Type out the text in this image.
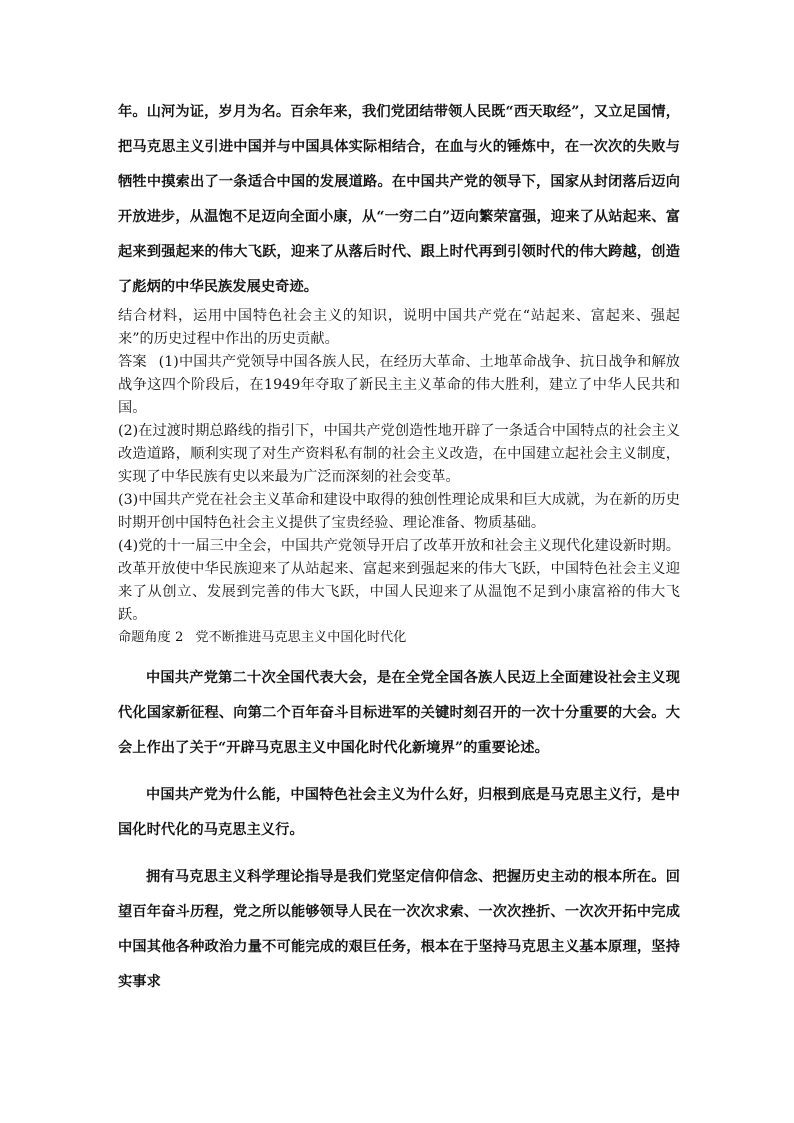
年。山河为证，岁月为名。百余年来，我们党团结带领人民既“西天取经”，又立足国情，把马克思主义引进中国并与中国具体实际相结合，在血与火的锤炼中，在一次次的失败与牺牲中摸索出了一条适合中国的发展道路。在中国共产党的领导下，国家从封闭落后迈向开放进步，从温饱不足迈向全面小康，从“一穷二白”迈向繁荣富强，迎来了从站起来、富起来到强起来的伟大飞跃，迎来了从落后时代、跟上时代再到引领时代的伟大跨越，创造了彪炳的中华民族发展史奇迹。

结合材料，运用中国特色社会主义的知识，说明中国共产党在“站起来、富起来、强起来”的历史过程中作出的历史贡献。

答案 (1)中国共产党领导中国各族人民，在经历大革命、土地革命战争、抗日战争和解放战争这四个阶段后，在1949年夺取了新民主主义革命的伟大胜利，建立了中华人民共和国。

(2)在过渡时期总路线的指引下，中国共产党创造性地开辟了一条适合中国特点的社会主义改造道路，顺利实现了对生产资料私有制的社会主义改造，在中国建立起社会主义制度，实现了中华民族有史以来最为广泛而深刻的社会变革。

(3)中国共产党在社会主义革命和建设中取得的独创性理论成果和巨大成就，为在新的历史时期开创中国特色社会主义提供了宝贵经验、理论准备、物质基础。

(4)党的十一届三中全会，中国共产党领导开启了改革开放和社会主义现代化建设新时期。改革开放使中华民族迎来了从站起来、富起来到强起来的伟大飞跃，中国特色社会主义迎来了从创立、发展到完善的伟大飞跃，中国人民迎来了从温饱不足到小康富裕的伟大飞跃。

命题角度 2 党不断推进马克思主义中国化时代化

中国共产党第二十次全国代表大会，是在全党全国各族人民迈上全面建设社会主义现代化国家新征程、向第二个百年奋斗目标进军的关键时刻召开的一次十分重要的大会。大会上作出了关于“开辟马克思主义中国化时代化新境界”的重要论述。

中国共产党为什么能，中国特色社会主义为什么好，归根到底是马克思主义行，是中国化时代化的马克思主义行。

拥有马克思主义科学理论指导是我们党坚定信仰信念、把握历史主动的根本所在。回望百年奋斗历程，党之所以能够领导人民在一次次求索、一次次挫折、一次次开拓中完成中国其他各种政治力量不可能完成的艰巨任务，根本在于坚持马克思主义基本原理，坚持实事求
